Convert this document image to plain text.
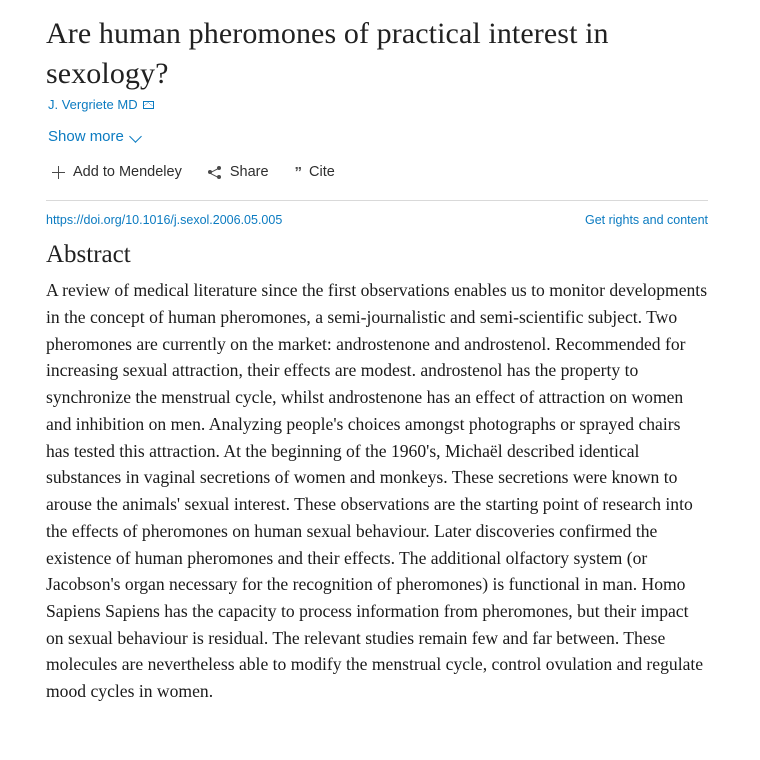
Are human pheromones of practical interest in sexology?
J. Vergriete MD
Show more
Add to Mendeley	Share ” Cite
https://doi.org/10.1016/j.sexol.2006.05.005	Get rights and content
Abstract

A review of medical literature since the first observations enables us to monitor developments in the concept of human pheromones, a semi-journalistic and semi-scientific subject. Two pheromones are currently on the market: androstenone and androstenol. Recommended for increasing sexual attraction, their effects are modest. androstenol has the property to synchronize the menstrual cycle, whilst androstenone has an effect of attraction on women and inhibition on men. Analyzing people's choices amongst photographs or sprayed chairs has tested this attraction. At the beginning of the 1960's, Michaël described identical substances in vaginal secretions of women and monkeys. These secretions were known to arouse the animals' sexual interest. These observations are the starting point of research into the effects of pheromones on human sexual behaviour. Later discoveries confirmed the existence of human pheromones and their effects. The additional olfactory system (or Jacobson's organ necessary for the recognition of pheromones) is functional in man. Homo Sapiens Sapiens has the capacity to process information from pheromones, but their impact on sexual behaviour is residual. The relevant studies remain few and far between. These molecules are nevertheless able to modify the menstrual cycle, control ovulation and regulate mood cycles in women.
